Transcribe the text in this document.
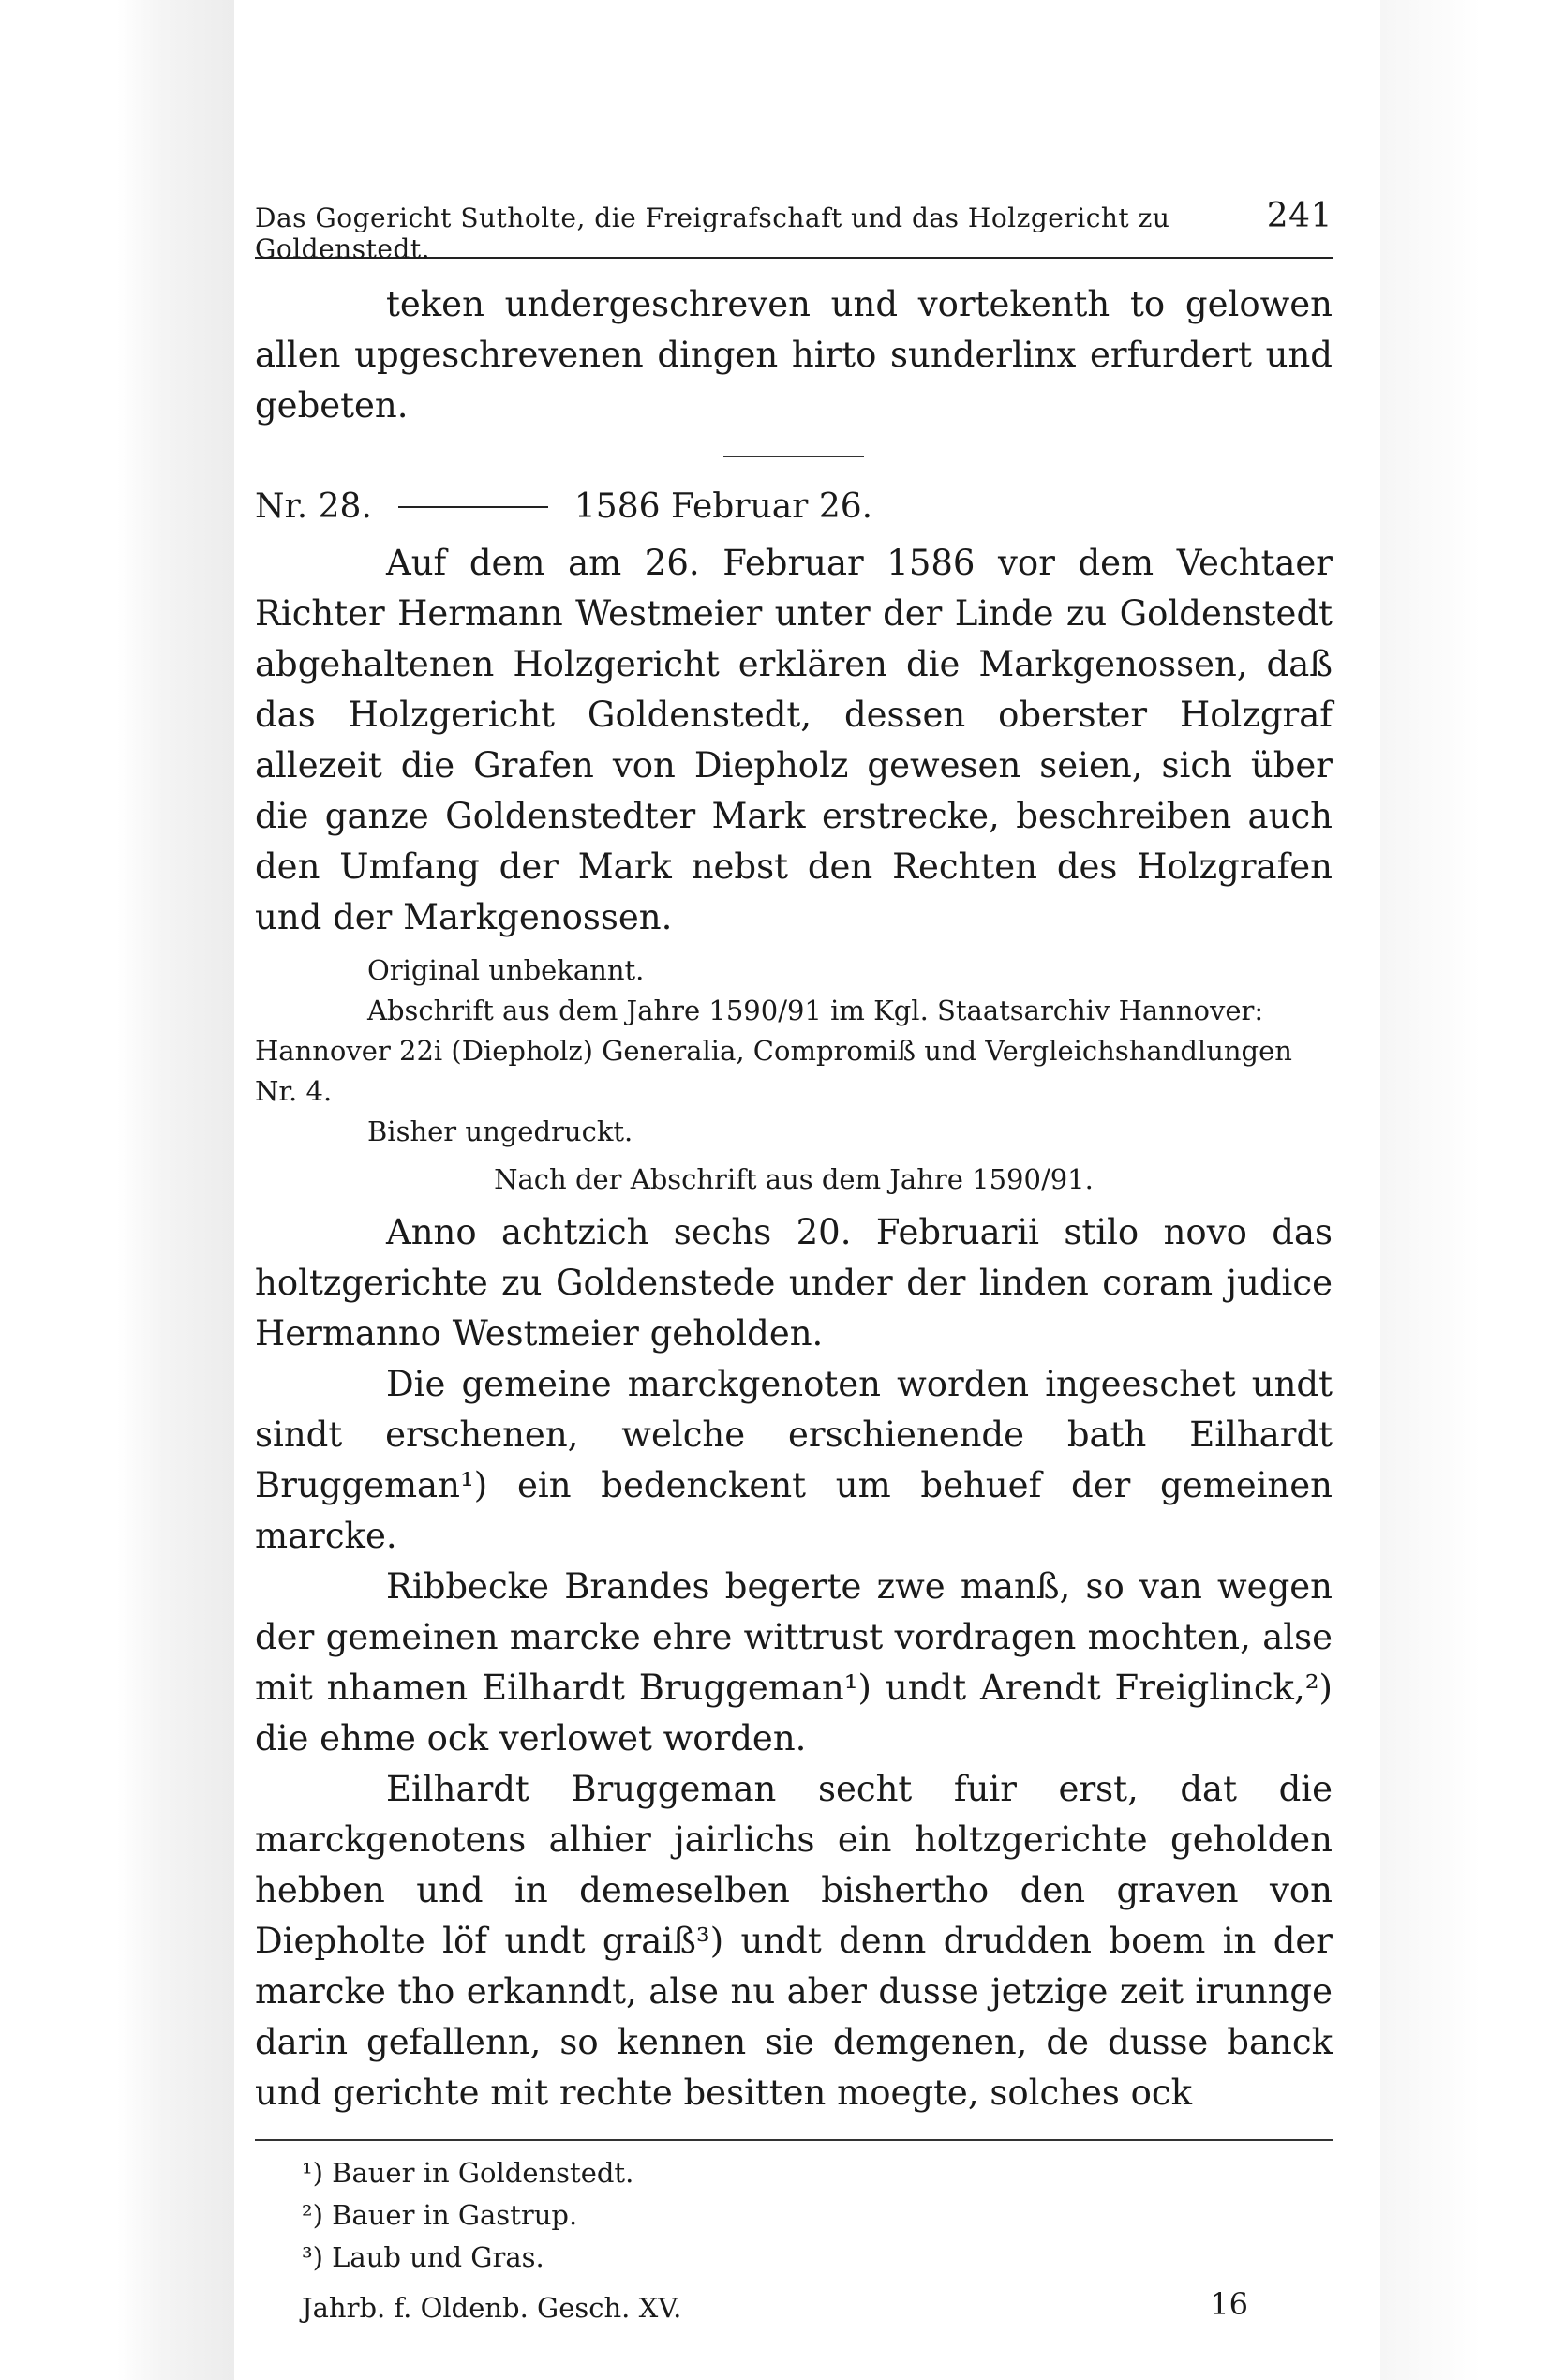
Das Gogericht Sutholte, die Freigrafschaft und das Holzgericht zu Goldenstedt.
241

teken undergeschreven und vortekenth to gelowen allen upgeschrevenen dingen hirto sunderlinx erfurdert und gebeten.

Nr. 28.	1586 Februar 26.

Auf dem am 26. Februar 1586 vor dem Vechtaer Richter Hermann Westmeier unter der Linde zu Goldenstedt abgehaltenen Holzgericht erklären die Markgenossen, daß das Holzgericht Goldenstedt, dessen oberster Holzgraf allezeit die Grafen von Diepholz gewesen seien, sich über die ganze Goldenstedter Mark erstrecke, beschreiben auch den Umfang der Mark nebst den Rechten des Holzgrafen und der Markgenossen.

Original unbekannt.

Abschrift aus dem Jahre 1590/91 im Kgl. Staatsarchiv Hannover: Hannover 22i (Diepholz) Generalia, Compromiß und Vergleichshandlungen Nr. 4.

Bisher ungedruckt.

Nach der Abschrift aus dem Jahre 1590/91.

Anno achtzich sechs 20. Februarii stilo novo das holtzgerichte zu Goldenstede under der linden coram judice Hermanno Westmeier geholden.

Die gemeine marckgenoten worden ingeeschet undt sindt erschenen, welche erschienende bath Eilhardt Bruggeman¹) ein bedenckent um behuef der gemeinen marcke.

Ribbecke Brandes begerte zwe manß, so van wegen der gemeinen marcke ehre wittrust vordragen mochten, alse mit nhamen Eilhardt Bruggeman¹) undt Arendt Freiglinck,²) die ehme ock verlowet worden.

Eilhardt Bruggeman secht fuir erst, dat die marckgenotens alhier jairlichs ein holtzgerichte geholden hebben und in demeselben bishertho den graven von Diepholte löf undt graiß³) undt denn drudden boem in der marcke tho erkanndt, alse nu aber dusse jetzige zeit irunnge darin gefallenn, so kennen sie demgenen, de dusse banck und gerichte mit rechte besitten moegte, solches ock

¹) Bauer in Goldenstedt.
²) Bauer in Gastrup.
³) Laub und Gras.
Jahrb. f. Oldenb. Gesch. XV.	16
